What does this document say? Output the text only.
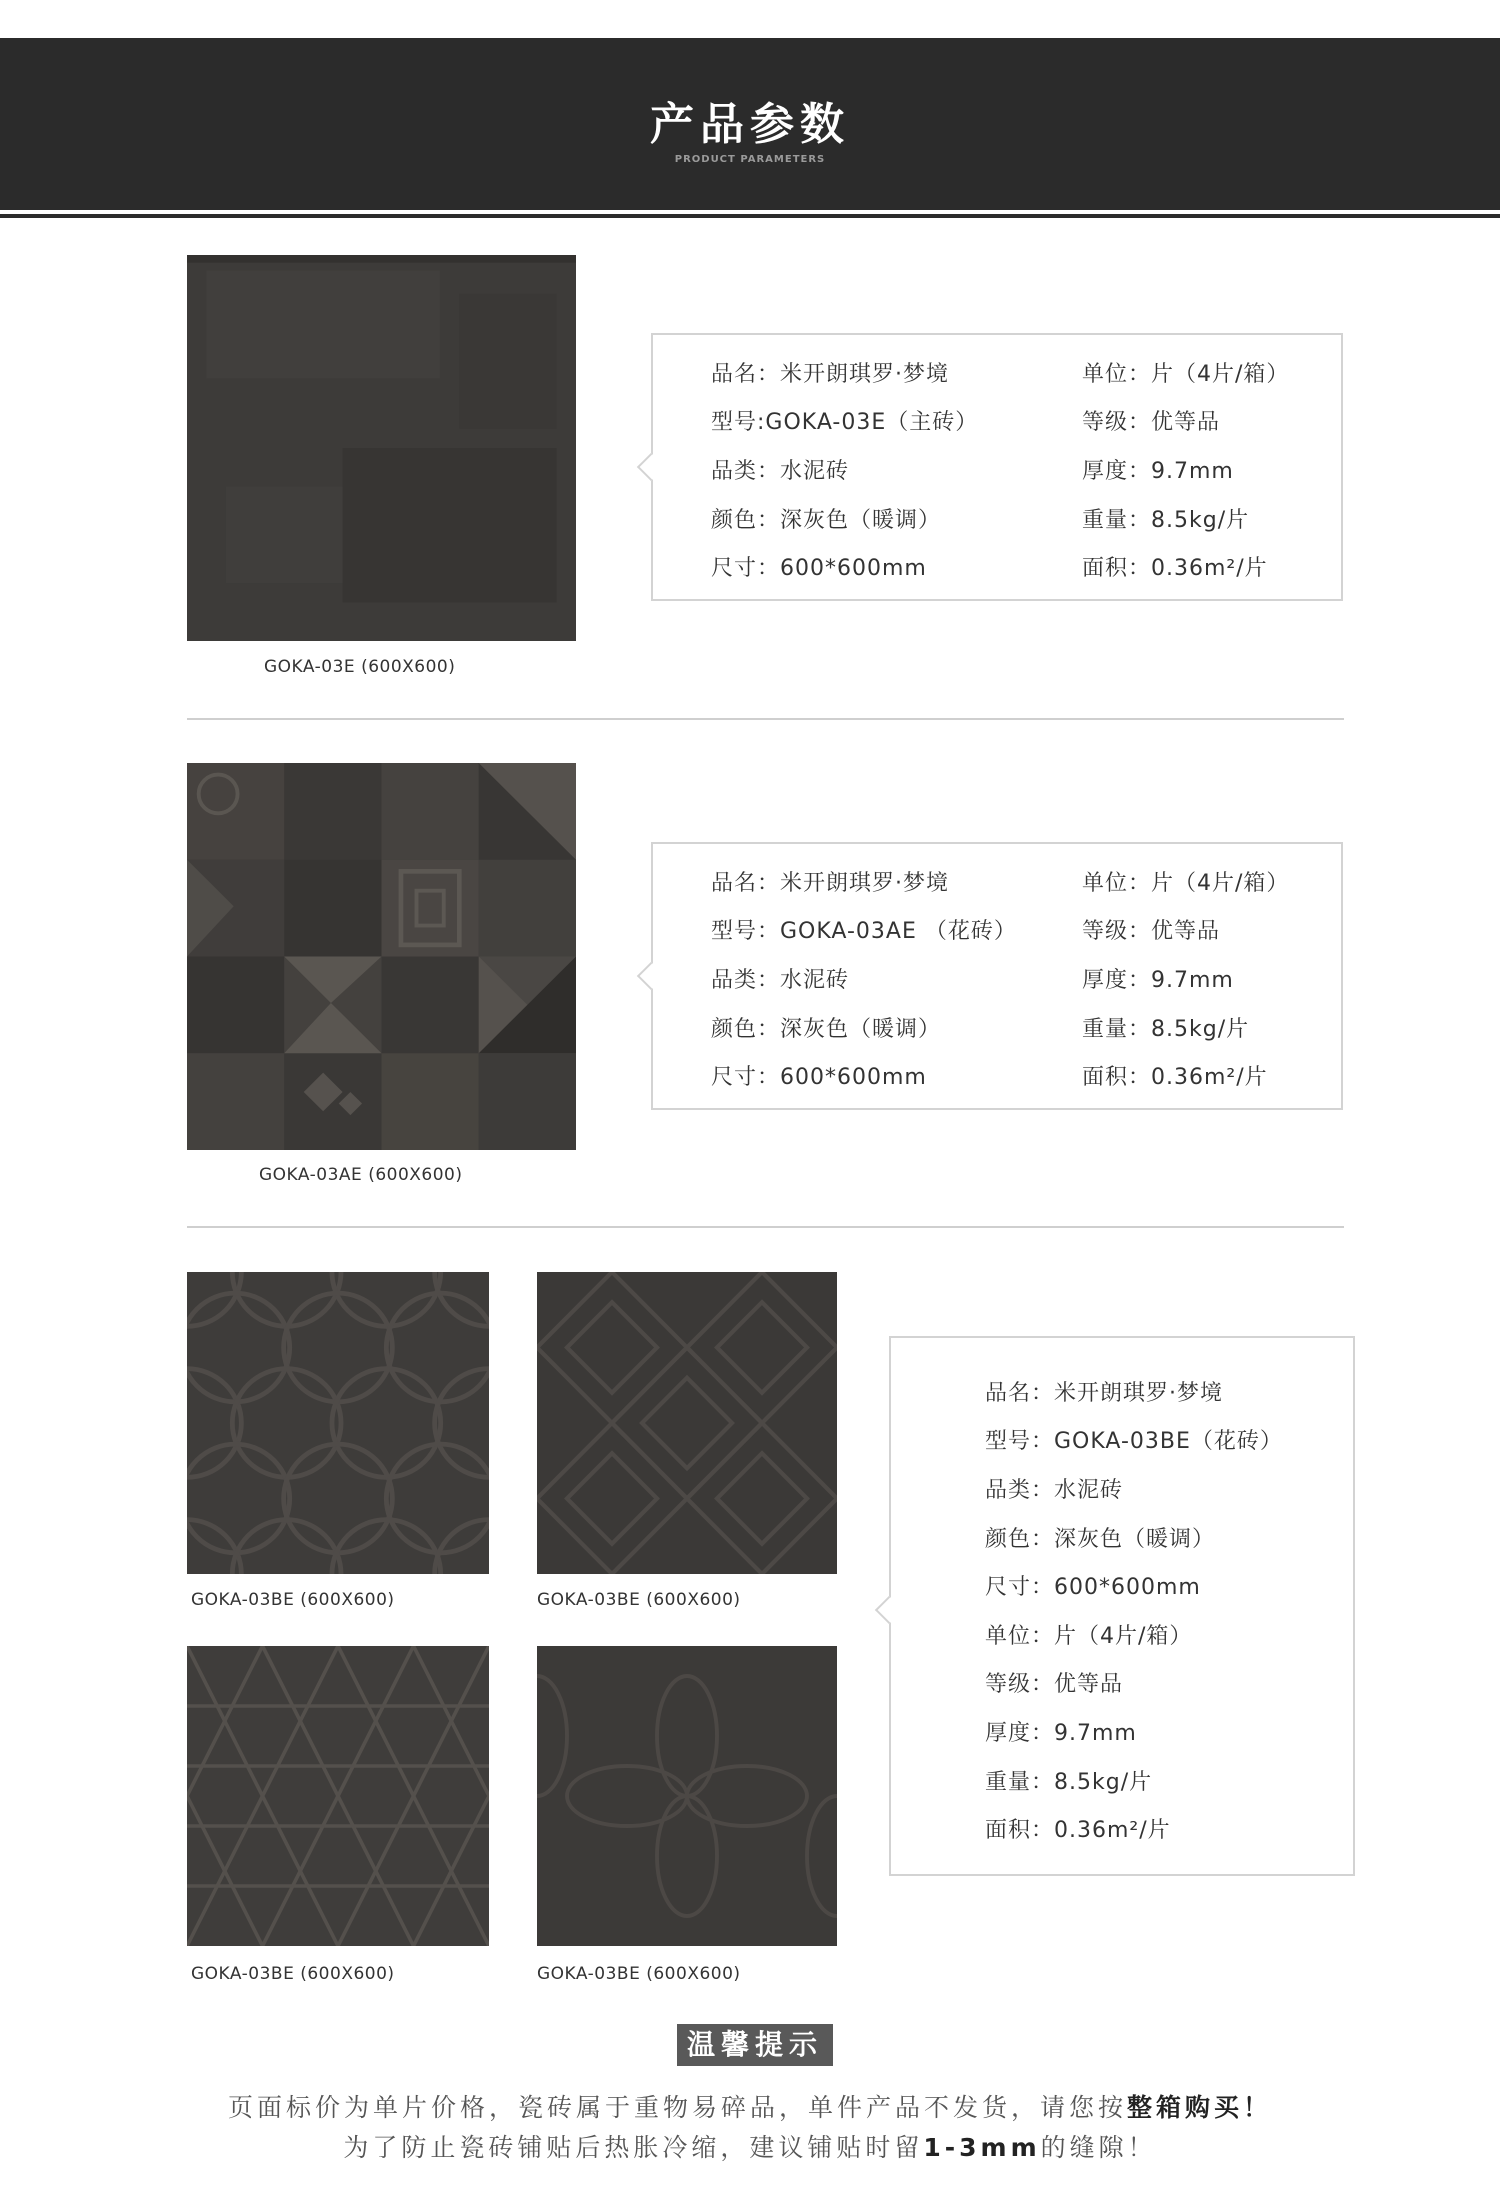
产品参数
PRODUCT PARAMETERS
GOKA-03E (600X600)
品名：米开朗琪罗·梦境
型号:GOKA-03E（主砖）
品类：水泥砖
颜色：深灰色（暖调）
尺寸：600*600mm
单位：片（4片/箱）
等级：优等品
厚度：9.7mm
重量：8.5kg/片
面积：0.36m²/片
GOKA-03AE (600X600)
品名：米开朗琪罗·梦境
型号：GOKA-03AE （花砖）
品类：水泥砖
颜色：深灰色（暖调）
尺寸：600*600mm
单位：片（4片/箱）
等级：优等品
厚度：9.7mm
重量：8.5kg/片
面积：0.36m²/片
GOKA-03BE (600X600)	GOKA-03BE (600X600)
GOKA-03BE (600X600)	GOKA-03BE (600X600)
品名：米开朗琪罗·梦境
型号：GOKA-03BE（花砖）
品类：水泥砖
颜色：深灰色（暖调）
尺寸：600*600mm
单位：片（4片/箱）
等级：优等品
厚度：9.7mm
重量：8.5kg/片
面积：0.36m²/片
温馨提示
页面标价为单片价格，瓷砖属于重物易碎品，单件产品不发货，请您按整箱购买！
为了防止瓷砖铺贴后热胀冷缩，建议铺贴时留1-3mm的缝隙！
